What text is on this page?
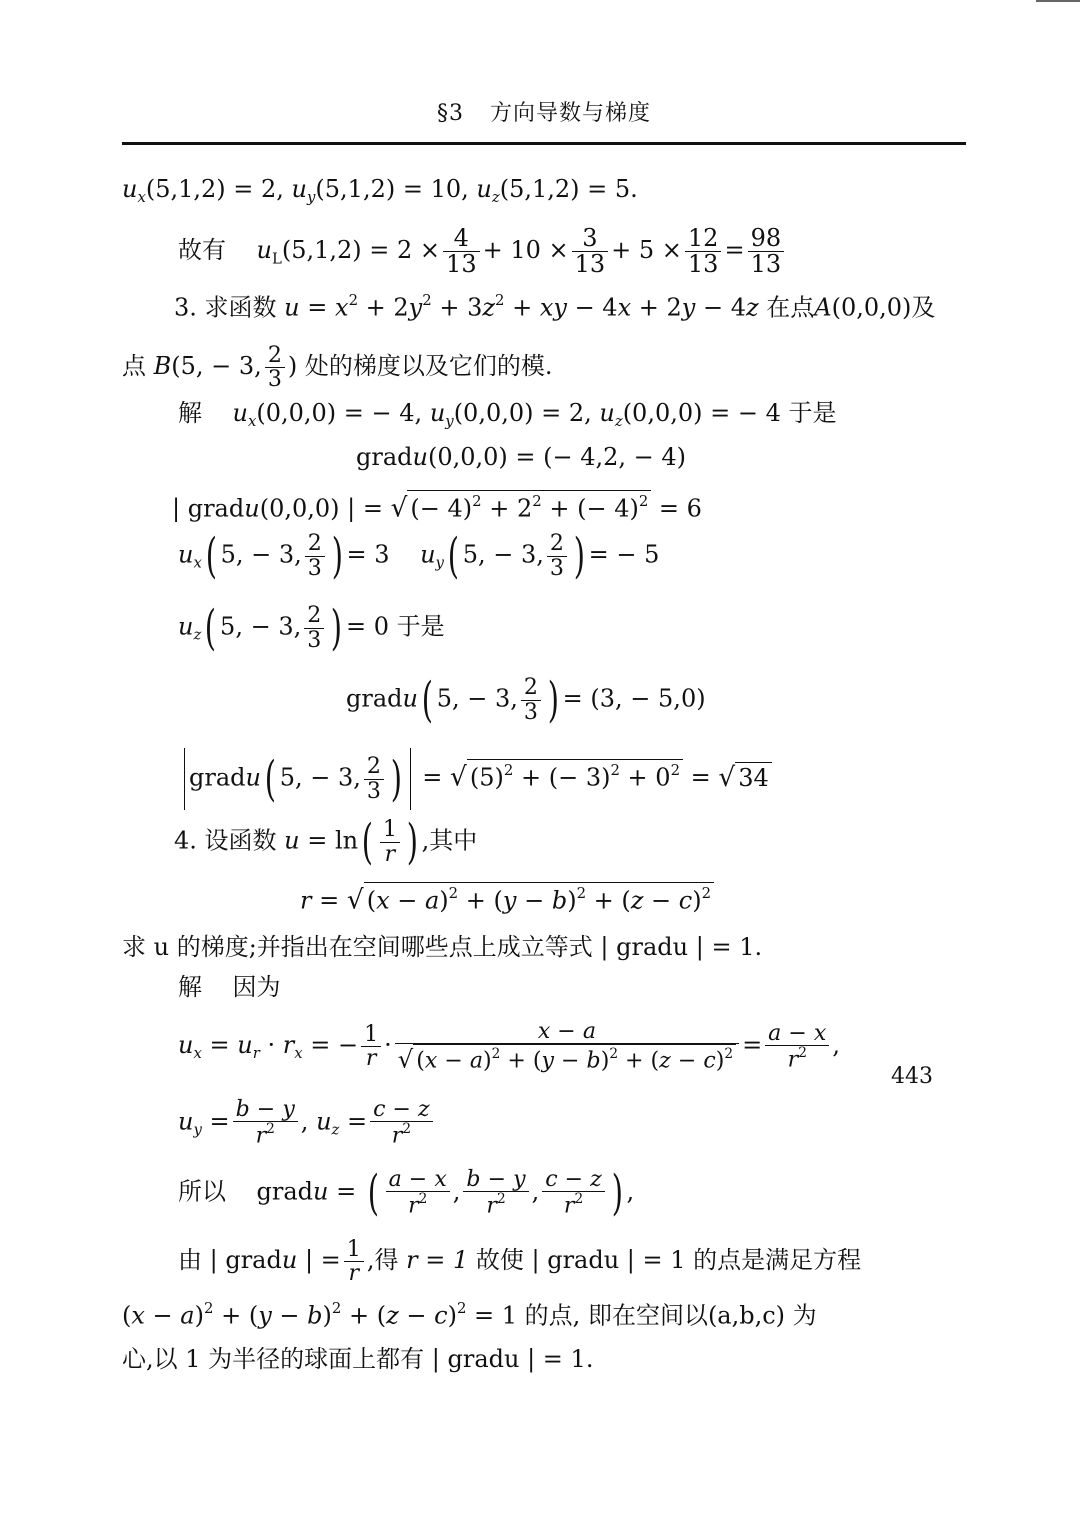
§3 方向导数与梯度
$u_x(5,1,2) = 2$, $u_y(5,1,2) = 10$, $u_z(5,1,2) = 5$.
故有 $u_L(5,1,2) = 2 \times \frac{4}{13} + 10 \times \frac{3}{13} + 5 \times \frac{12}{13} = \frac{98}{13}$
3. 求函数 $u = x^2 + 2y^2 + 3z^2$ + xy − 4x + 2y − 4z 在点A(0,0,0)及
点 B(5, − 3, $\frac{2}{3}$ ) 处的梯度以及它们的模.
解 $u_x(0,0,0)$ = − 4, $u_y(0,0,0) = 2$, $u_z(0,0,0)$ = − 4 于是
gradu(0,0,0) = (− 4,2, − 4)
| gradu(0,0,0) | = √ (− $4)^2 + 2^2$ + (− 4)$^2$ = 6
$u_x$( 5, − 3, $\frac{2}{3}$ ) = 3    $u_y$( 5, − 3, $\frac{2}{3}$ ) = − 5
$u_z$( 5, − 3, $\frac{2}{3}$ ) = 0 于是
gradu( 5, − 3, $\frac{2}{3}$ ) = (3, − 5,0)
gradu( 5, − 3, $\frac{2}{3}$ ) = √ $(5)^2$ + (− $3)^2 + 0^2$ = √ 34
4. 设函数 $u = \ln( \frac{1}{r}$ ) ,其中
r = √ $(x - a)^2 + (y - b)^2 + (z - c)^2$
求 u 的梯度;并指出在空间哪些点上成立等式 | gradu | = 1.
解 因为
$u_x = u_r \cdot r_x$ = − $\frac{1}{r} \cdot \frac{x - a}{√ (x - a)^2 + (y - b)^2 + (z - c)^2} = \frac{a - x}{r^2}$ ,
$u_y = \frac{b - y}{r^2}$ , $u_z = \frac{c - z}{r^2}$
所以    gradu = ( $\frac{a - x}{r^2}$ , $\frac{b - y}{r^2}$ , $\frac{c - z}{r^2}$ ) ,
由 | gradu | = $\frac{1}{r}$ ,得 r = 1 故使 | gradu | = 1 的点是满足方程
$(x - a)^2 + (y - b)^2 + (z - c)^2 = 1$ 的点, 即在空间以(a,b,c) 为
心,以 1 为半径的球面上都有 | gradu | = 1.
443
